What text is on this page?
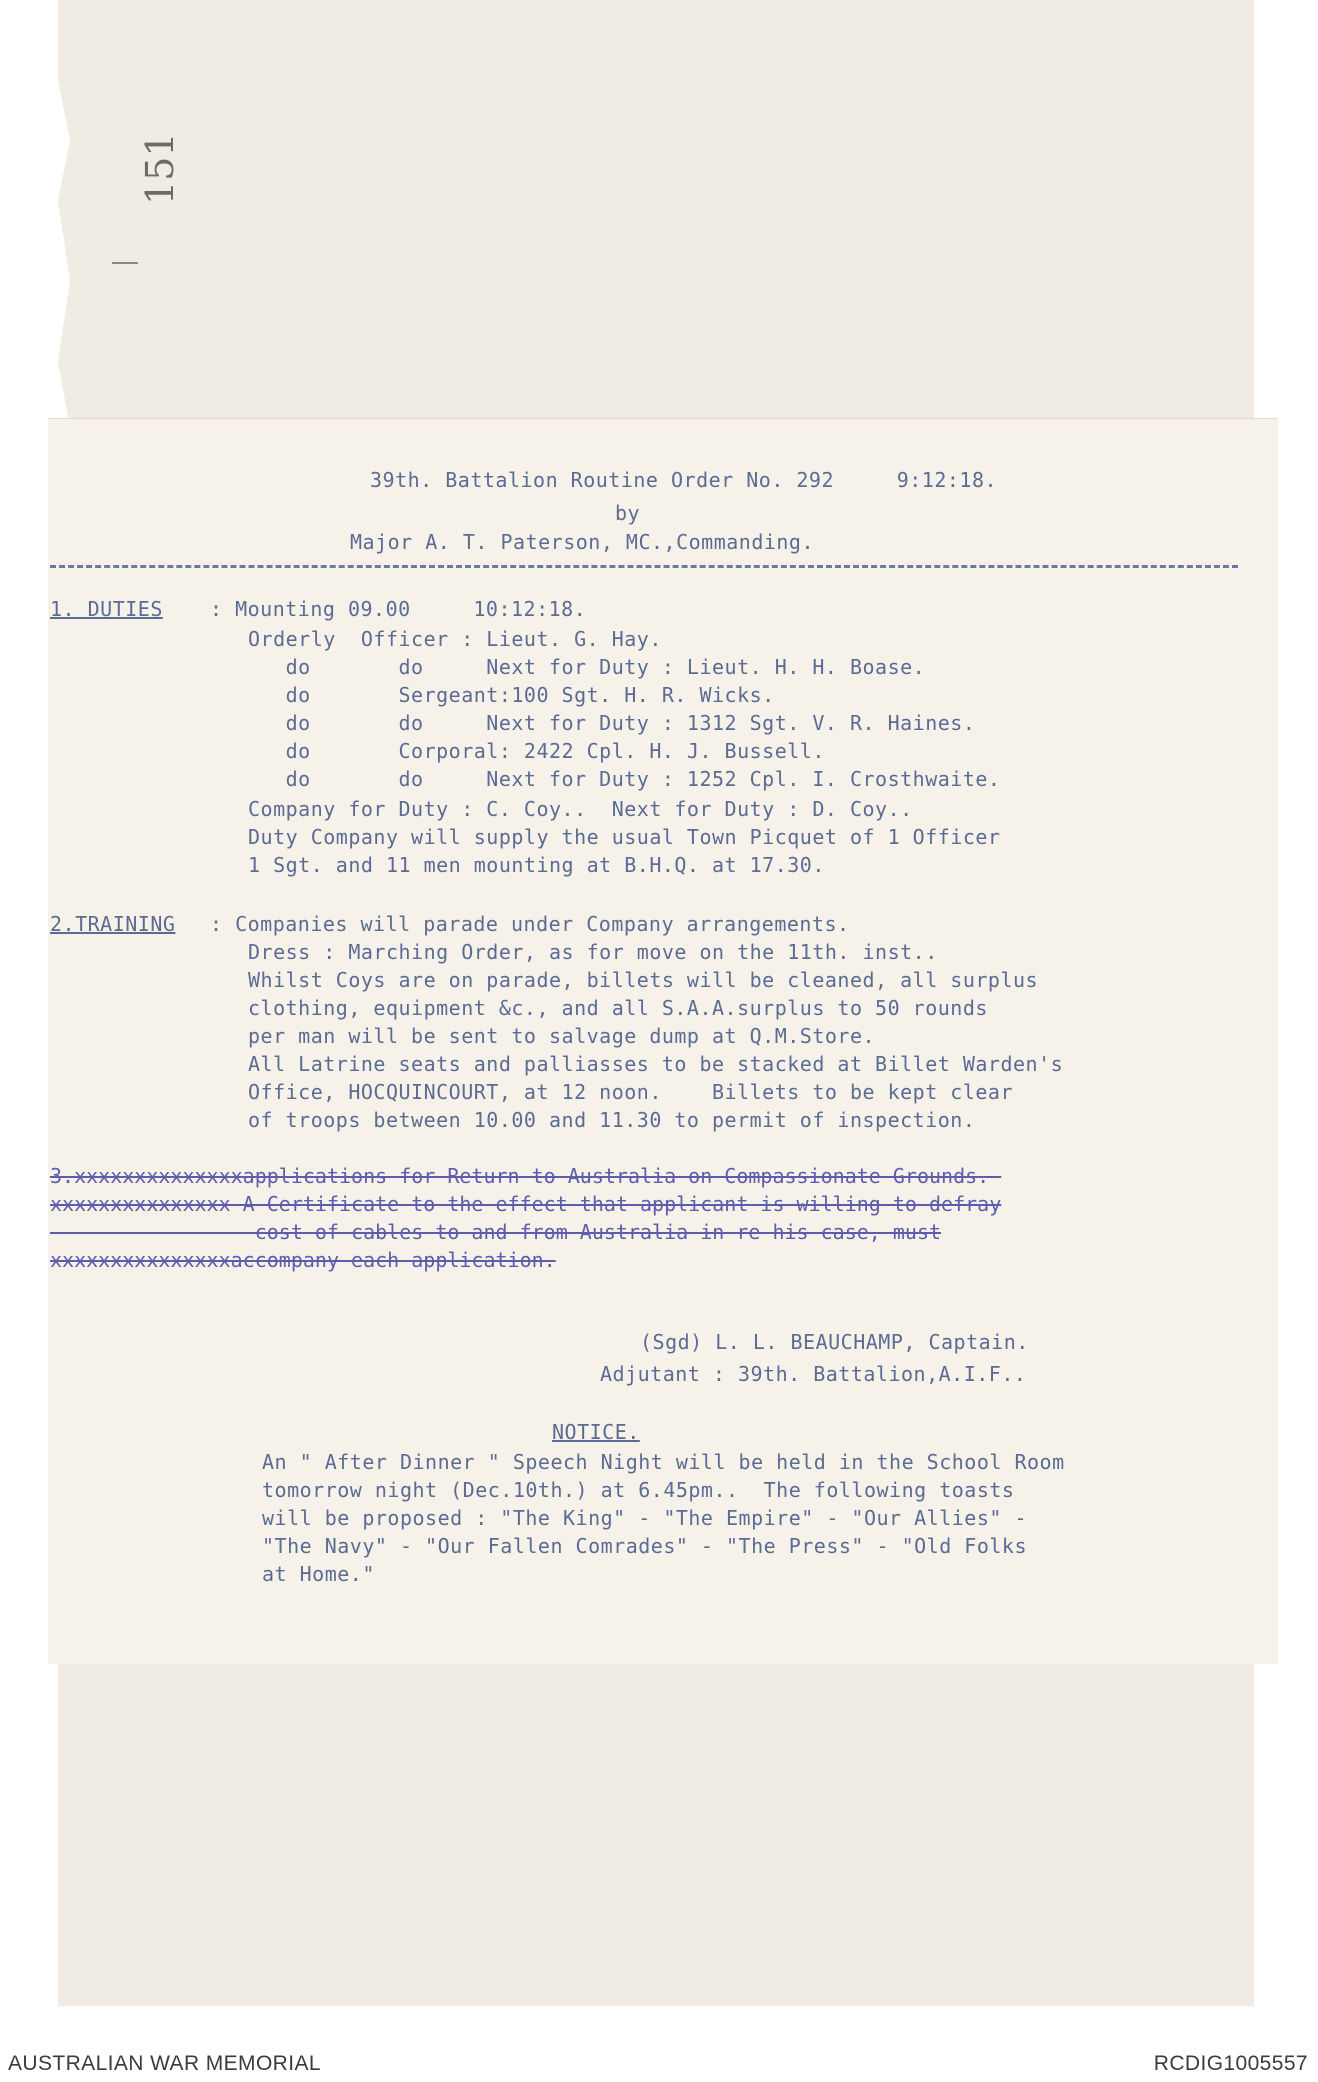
151
39th. Battalion Routine Order No. 292     9:12:18.
by
Major A. T. Paterson, MC.,Commanding.
1. DUTIES : Mounting 09.00     10:12:18.
Orderly  Officer : Lieut. G. Hay.
do       do     Next for Duty : Lieut. H. H. Boase.
do       Sergeant:100 Sgt. H. R. Wicks.
do       do     Next for Duty : 1312 Sgt. V. R. Haines.
do       Corporal: 2422 Cpl. H. J. Bussell.
do       do     Next for Duty : 1252 Cpl. I. Crosthwaite.
Company for Duty : C. Coy..  Next for Duty : D. Coy..
Duty Company will supply the usual Town Picquet of 1 Officer
1 Sgt. and 11 men mounting at B.H.Q. at 17.30.
2.TRAINING : Companies will parade under Company arrangements.
Dress : Marching Order, as for move on the 11th. inst..
Whilst Coys are on parade, billets will be cleaned, all surplus
clothing, equipment &c., and all S.A.A.surplus to 50 rounds
per man will be sent to salvage dump at Q.M.Store.
All Latrine seats and palliasses to be stacked at Billet Warden's
Office, HOCQUINCOURT, at 12 noon.    Billets to be kept clear
of troops between 10.00 and 11.30 to permit of inspection.
3.xxxxxxxxxxxxxxapplications for Return to Australia on Compassionate Grounds.-
xxxxxxxxxxxxxxx A Certificate to the effect that applicant is willing to defray
cost of cables to and from Australia in re his case, must
xxxxxxxxxxxxxxxaccompany each application.
(Sgd) L. L. BEAUCHAMP, Captain.
Adjutant : 39th. Battalion,A.I.F..
NOTICE.
An " After Dinner " Speech Night will be held in the School Room
tomorrow night (Dec.10th.) at 6.45pm..  The following toasts
will be proposed : "The King" - "The Empire" - "Our Allies" -
"The Navy" - "Our Fallen Comrades" - "The Press" - "Old Folks
at Home."
AUSTRALIAN WAR MEMORIAL	RCDIG1005557
